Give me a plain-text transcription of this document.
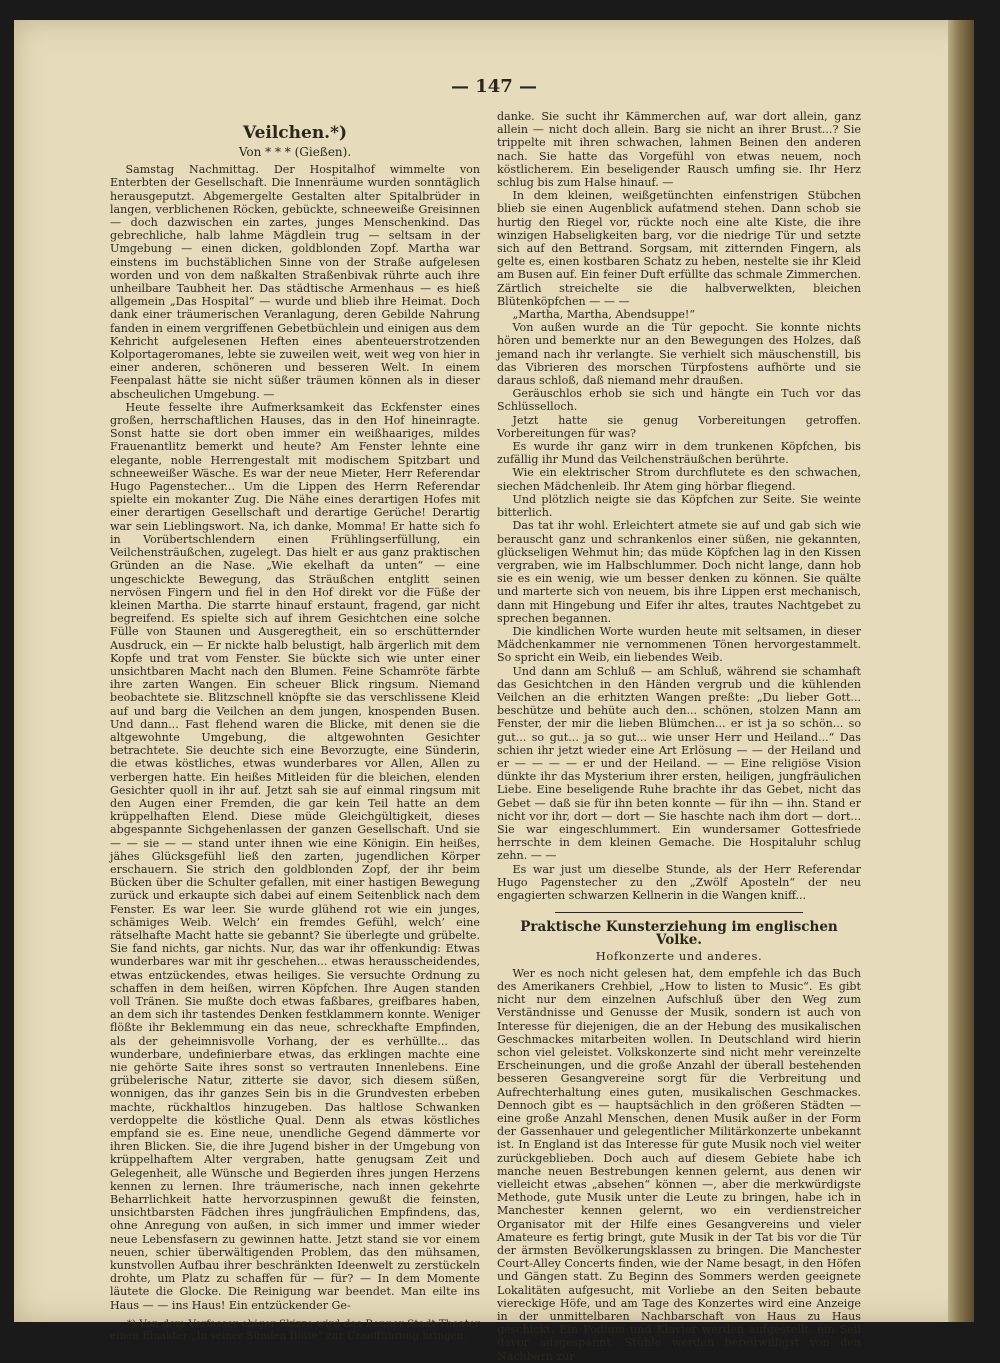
— 147 —
Veilchen.*)
Von * * * (Gießen).

Samstag Nachmittag. Der Hospitalhof wimmelte von Enterbten der Gesellschaft. Die Innenräume wurden sonntäglich herausgeputzt. Abgemergelte Gestalten alter Spitalbrüder in langen, verblichenen Röcken, gebückte, schneeweiße Greisinnen — doch dazwischen ein zartes, junges Menschenkind. Das gebrechliche, halb lahme Mägdlein trug — seltsam in der Umgebung — einen dicken, goldblonden Zopf. Martha war einstens im buchstäblichen Sinne von der Straße aufgelesen worden und von dem naßkalten Straßenbivak rührte auch ihre unheilbare Taubheit her. Das städtische Armenhaus — es hieß allgemein „Das Hospital“ — wurde und blieb ihre Heimat. Doch dank einer träumerischen Veranlagung, deren Gebilde Nahrung fanden in einem vergriffenen Gebetbüchlein und einigen aus dem Kehricht aufgelesenen Heften eines abenteuerstrotzenden Kolportageromanes, lebte sie zuweilen weit, weit weg von hier in einer anderen, schöneren und besseren Welt. In einem Feenpalast hätte sie nicht süßer träumen können als in dieser abscheulichen Umgebung. —

Heute fesselte ihre Aufmerksamkeit das Eckfenster eines großen, herrschaftlichen Hauses, das in den Hof hineinragte. Sonst hatte sie dort oben immer ein weißhaariges, mildes Frauenantlitz bemerkt und heute? Am Fenster lehnte eine elegante, noble Herrengestalt mit modischem Spitzbart und schneeweißer Wäsche. Es war der neue Mieter, Herr Referendar Hugo Pagenstecher... Um die Lippen des Herrn Referendar spielte ein mokanter Zug. Die Nähe eines derartigen Hofes mit einer derartigen Gesellschaft und derartige Gerüche! Derartig war sein Lieblingswort. Na, ich danke, Momma! Er hatte sich fo in Vorübertschlendern einen Frühlingserfüllung, ein Veilchensträußchen, zugelegt. Das hielt er aus ganz praktischen Gründen an die Nase. „Wie ekelhaft da unten“ — eine ungeschickte Bewegung, das Sträußchen entglitt seinen nervösen Fingern und fiel in den Hof direkt vor die Füße der kleinen Martha. Die starrte hinauf erstaunt, fragend, gar nicht begreifend. Es spielte sich auf ihrem Gesichtchen eine solche Fülle von Staunen und Ausgeregtheit, ein so erschütternder Ausdruck, ein — Er nickte halb belustigt, halb ärgerlich mit dem Kopfe und trat vom Fenster. Sie bückte sich wie unter einer unsichtbaren Macht nach den Blumen. Feine Schamröte färbte ihre zarten Wangen. Ein scheuer Blick ringsum. Niemand beobachtete sie. Blitzschnell knöpfte sie das verschlissene Kleid auf und barg die Veilchen an dem jungen, knospenden Busen. Und dann... Fast flehend waren die Blicke, mit denen sie die altgewohnte Umgebung, die altgewohnten Gesichter betrachtete. Sie deuchte sich eine Bevorzugte, eine Sünderin, die etwas köstliches, etwas wunderbares vor Allen, Allen zu verbergen hatte. Ein heißes Mitleiden für die bleichen, elenden Gesichter quoll in ihr auf. Jetzt sah sie auf einmal ringsum mit den Augen einer Fremden, die gar kein Teil hatte an dem krüppelhaften Elend. Diese müde Gleichgültigkeit, dieses abgespannte Sichgehenlassen der ganzen Gesellschaft. Und sie — — sie — — stand unter ihnen wie eine Königin. Ein heißes, jähes Glücksgefühl ließ den zarten, jugendlichen Körper erschauern. Sie strich den goldblonden Zopf, der ihr beim Bücken über die Schulter gefallen, mit einer hastigen Bewegung zurück und erkaupte sich dabei auf einem Seitenblick nach dem Fenster. Es war leer. Sie wurde glühend rot wie ein junges, schämiges Weib. Welch’ ein fremdes Gefühl, welch’ eine rätselhafte Macht hatte sie gebannt? Sie überlegte und grübelte. Sie fand nichts, gar nichts. Nur, das war ihr offenkundig: Etwas wunderbares war mit ihr geschehen... etwas herausscheidendes, etwas entzückendes, etwas heiliges. Sie versuchte Ordnung zu schaffen in dem heißen, wirren Köpfchen. Ihre Augen standen voll Tränen. Sie mußte doch etwas faßbares, greifbares haben, an dem sich ihr tastendes Denken festklammern konnte. Weniger flößte ihr Beklemmung ein das neue, schreckhafte Empfinden, als der geheimnisvolle Vorhang, der es verhüllte... das wunderbare, undefinierbare etwas, das erklingen machte eine nie gehörte Saite ihres sonst so vertrauten Innenlebens. Eine grübelerische Natur, zitterte sie davor, sich diesem süßen, wonnigen, das ihr ganzes Sein bis in die Grundvesten erbeben machte, rückhaltlos hinzugeben. Das haltlose Schwanken verdoppelte die köstliche Qual. Denn als etwas köstliches empfand sie es. Eine neue, unendliche Gegend dämmerte vor ihren Blicken. Sie, die ihre Jugend bisher in der Umgebung von krüppelhaftem Alter vergraben, hatte genugsam Zeit und Gelegenheit, alle Wünsche und Begierden ihres jungen Herzens kennen zu lernen. Ihre träumerische, nach innen gekehrte Beharrlichkeit hatte hervorzuspinnen gewußt die feinsten, unsichtbarsten Fädchen ihres jungfräulichen Empfindens, das, ohne Anregung von außen, in sich immer und immer wieder neue Lebensfasern zu gewinnen hatte. Jetzt stand sie vor einem neuen, schier überwältigenden Problem, das den mühsamen, kunstvollen Aufbau ihrer beschränkten Ideenwelt zu zerstückeln drohte, um Platz zu schaffen für — für? — In dem Momente läutete die Glocke. Die Reinigung war beendet. Man eilte ins Haus — — ins Haus! Ein entzückender Ge-

*) Von dem Verfasser obiger Skizze wird das Bonner Stadt-Theater einen Einakter „In seiner Sünden Blüte“ zur Uraufführung bringen.

danke. Sie sucht ihr Kämmerchen auf, war dort allein, ganz allein — nicht doch allein. Barg sie nicht an ihrer Brust...? Sie trippelte mit ihren schwachen, lahmen Beinen den anderen nach. Sie hatte das Vorgefühl von etwas neuem, noch köstlicherem. Ein beseligender Rausch umfing sie. Ihr Herz schlug bis zum Halse hinauf. —

In dem kleinen, weißgetünchten einfenstrigen Stübchen blieb sie einen Augenblick aufatmend stehen. Dann schob sie hurtig den Riegel vor, rückte noch eine alte Kiste, die ihre winzigen Habseligkeiten barg, vor die niedrige Tür und setzte sich auf den Bettrand. Sorgsam, mit zitternden Fingern, als gelte es, einen kostbaren Schatz zu heben, nestelte sie ihr Kleid am Busen auf. Ein feiner Duft erfüllte das schmale Zimmerchen. Zärtlich streichelte sie die halbverwelkten, bleichen Blütenköpfchen — — —

„Martha, Martha, Abendsuppe!“

Von außen wurde an die Tür gepocht. Sie konnte nichts hören und bemerkte nur an den Bewegungen des Holzes, daß jemand nach ihr verlangte. Sie verhielt sich mäuschenstill, bis das Vibrieren des morschen Türpfostens aufhörte und sie daraus schloß, daß niemand mehr draußen.

Geräuschlos erhob sie sich und hängte ein Tuch vor das Schlüsselloch.

Jetzt hatte sie genug Vorbereitungen getroffen. Vorbereitungen für was?

Es wurde ihr ganz wirr in dem trunkenen Köpfchen, bis zufällig ihr Mund das Veilchensträußchen berührte.

Wie ein elektrischer Strom durchflutete es den schwachen, siechen Mädchenleib. Ihr Atem ging hörbar fliegend.

Und plötzlich neigte sie das Köpfchen zur Seite. Sie weinte bitterlich.

Das tat ihr wohl. Erleichtert atmete sie auf und gab sich wie berauscht ganz und schrankenlos einer süßen, nie gekannten, glückseligen Wehmut hin; das müde Köpfchen lag in den Kissen vergraben, wie im Halbschlummer. Doch nicht lange, dann hob sie es ein wenig, wie um besser denken zu können. Sie quälte und marterte sich von neuem, bis ihre Lippen erst mechanisch, dann mit Hingebung und Eifer ihr altes, trautes Nachtgebet zu sprechen begannen.

Die kindlichen Worte wurden heute mit seltsamen, in dieser Mädchenkammer nie vernommenen Tönen hervorgestammelt. So spricht ein Weib, ein liebendes Weib.

Und dann am Schluß — am Schluß, während sie schamhaft das Gesichtchen in den Händen vergrub und die kühlenden Veilchen an die erhitzten Wangen preßte: „Du lieber Gott... beschütze und behüte auch den... schönen, stolzen Mann am Fenster, der mir die lieben Blümchen... er ist ja so schön... so gut... so gut... ja so gut... wie unser Herr und Heiland...“ Das schien ihr jetzt wieder eine Art Erlösung — — der Heiland und er — — — — er und der Heiland. — — Eine religiöse Vision dünkte ihr das Mysterium ihrer ersten, heiligen, jungfräulichen Liebe. Eine beseligende Ruhe brachte ihr das Gebet, nicht das Gebet — daß sie für ihn beten konnte — für ihn — ihn. Stand er nicht vor ihr, dort — dort — Sie haschte nach ihm dort — dort... Sie war eingeschlummert. Ein wundersamer Gottesfriede herrschte in dem kleinen Gemache. Die Hospitaluhr schlug zehn. — —

Es war just um dieselbe Stunde, als der Herr Referendar Hugo Pagenstecher zu den „Zwölf Aposteln“ der neu engagierten schwarzen Kellnerin in die Wangen kniff...

Praktische Kunsterziehung im englischen Volke.
Hofkonzerte und anderes.

Wer es noch nicht gelesen hat, dem empfehle ich das Buch des Amerikaners Crehbiel, „How to listen to Music“. Es gibt nicht nur dem einzelnen Aufschluß über den Weg zum Verständnisse und Genusse der Musik, sondern ist auch von Interesse für diejenigen, die an der Hebung des musikalischen Geschmackes mitarbeiten wollen. In Deutschland wird hierin schon viel geleistet. Volkskonzerte sind nicht mehr vereinzelte Erscheinungen, und die große Anzahl der überall bestehenden besseren Gesangvereine sorgt für die Verbreitung und Aufrechterhaltung eines guten, musikalischen Geschmackes. Dennoch gibt es — hauptsächlich in den größeren Städten — eine große Anzahl Menschen, denen Musik außer in der Form der Gassenhauer und gelegentlicher Militärkonzerte unbekannt ist. In England ist das Interesse für gute Musik noch viel weiter zurückgeblieben. Doch auch auf diesem Gebiete habe ich manche neuen Bestrebungen kennen gelernt, aus denen wir vielleicht etwas „absehen“ können —, aber die merkwürdigste Methode, gute Musik unter die Leute zu bringen, habe ich in Manchester kennen gelernt, wo ein verdienstreicher Organisator mit der Hilfe eines Gesangvereins und vieler Amateure es fertig bringt, gute Musik in der Tat bis vor die Tür der ärmsten Bevölkerungsklassen zu bringen. Die Manchester Court-Alley Concerts finden, wie der Name besagt, in den Höfen und Gängen statt. Zu Beginn des Sommers werden geeignete Lokalitäten aufgesucht, mit Vorliebe an den Seiten bebaute viereckige Höfe, und am Tage des Konzertes wird eine Anzeige in der unmittelbaren Nachbarschaft von Haus zu Haus geschickt. Ein Podium und Klavier werden aufgestellt, ein Seil davor ausgespannt. Stühle werden bereitwilligst von den Nachbarn zur
